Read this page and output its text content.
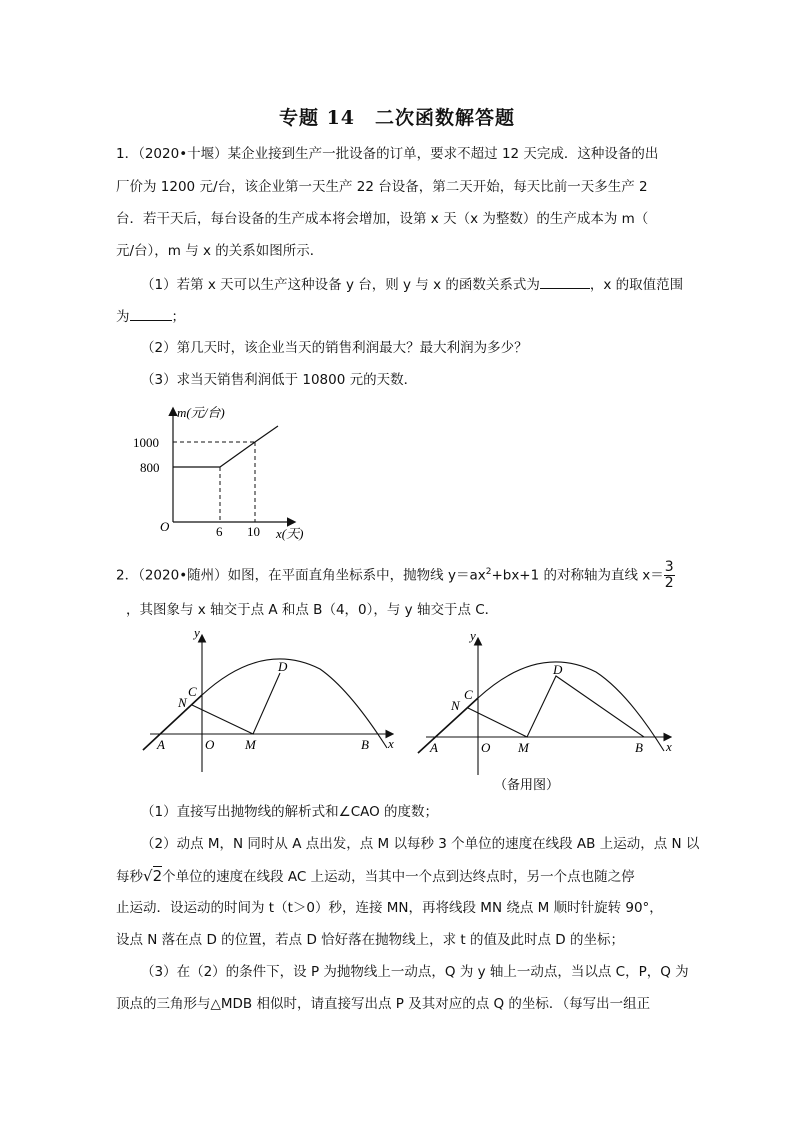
专题 14　二次函数解答题
1．（2020•十堰）某企业接到生产一批设备的订单，要求不超过 12 天完成．这种设备的出
厂价为 1200 元/台，该企业第一天生产 22 台设备，第二天开始，每天比前一天多生产 2
台．若干天后，每台设备的生产成本将会增加，设第 x 天（x 为整数）的生产成本为 m（
元/台），m 与 x 的关系如图所示．
（1）若第 x 天可以生产这种设备 y 台，则 y 与 x 的函数关系式为	，x 的取值范围
为	；
（2）第几天时，该企业当天的销售利润最大？最大利润为多少？
（3）求当天销售利润低于 10800 元的天数．
m(元/台)
1000
800
O	6 10 x(天)
2．（2020•随州）如图，在平面直角坐标系中，抛物线 $y=ax^2+bx+1$ 的对称轴为直线 $x= \frac{3}{2}$
，其图象与 x 轴交于点 A 和点 B（4，0），与 y 轴交于点 C．
y
x
A	O M	B
C
N
D
y
x
A	O M	B
C
N
D
（备用图）
（1）直接写出抛物线的解析式和∠CAO 的度数；
（2）动点 M，N 同时从 A 点出发，点 M 以每秒 3 个单位的速度在线段 AB 上运动，点 N 以
每秒√2个单位的速度在线段 AC 上运动，当其中一个点到达终点时，另一个点也随之停
止运动．设运动的时间为 t（t＞0）秒，连接 MN，再将线段 MN 绕点 M 顺时针旋转 90°，
设点 N 落在点 D 的位置，若点 D 恰好落在抛物线上，求 t 的值及此时点 D 的坐标；
（3）在（2）的条件下，设 P 为抛物线上一动点，Q 为 y 轴上一动点，当以点 C，P，Q 为
顶点的三角形与△MDB 相似时，请直接写出点 P 及其对应的点 Q 的坐标．（每写出一组正
